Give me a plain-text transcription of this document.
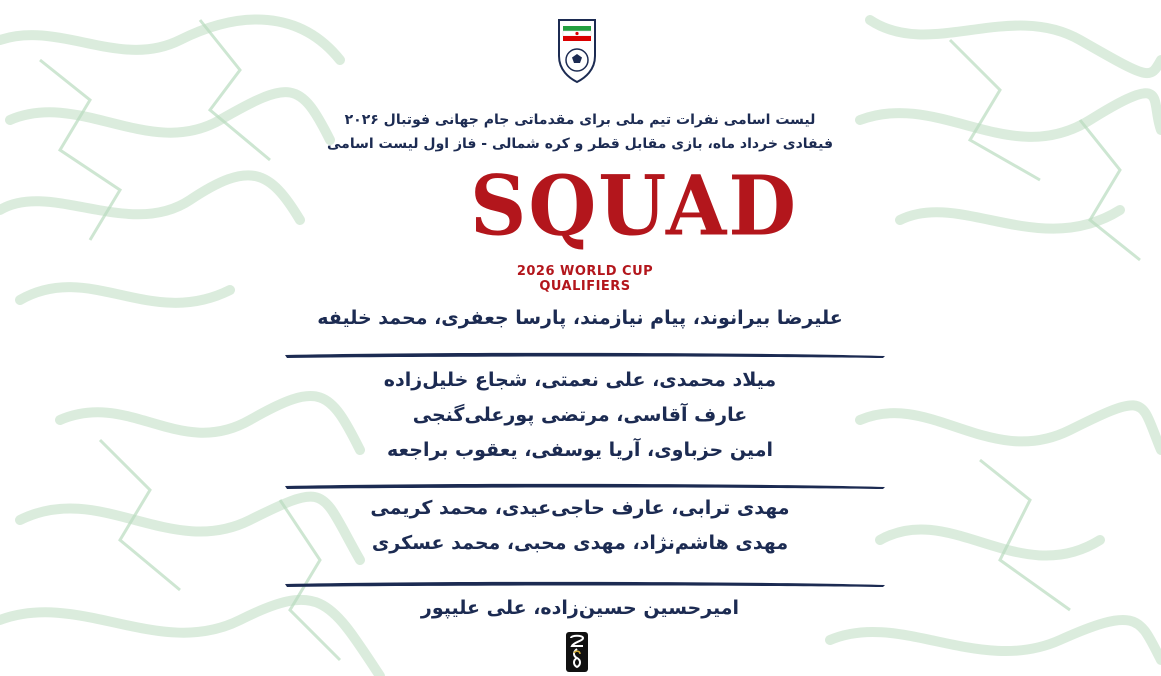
لیست اسامی نفرات تیم ملی برای مقدماتی جام جهانی فوتبال ۲۰۲۶
فیفادی خرداد ماه، بازی مقابل قطر و کره شمالی - فاز اول لیست اسامی
SQUAD
2026 WORLD CUP QUALIFIERS
علیرضا بیرانوند، پیام نیازمند، پارسا جعفری، محمد خلیفه
میلاد محمدی، علی نعمتی، شجاع خلیل‌زاده
عارف آقاسی، مرتضی پورعلی‌گنجی
امین حزباوی، آریا یوسفی، یعقوب براجعه
مهدی ترابی، عارف حاجی‌عیدی، محمد کریمی
مهدی هاشم‌نژاد، مهدی محبی، محمد عسکری
امیرحسین حسین‌زاده، علی علیپور
